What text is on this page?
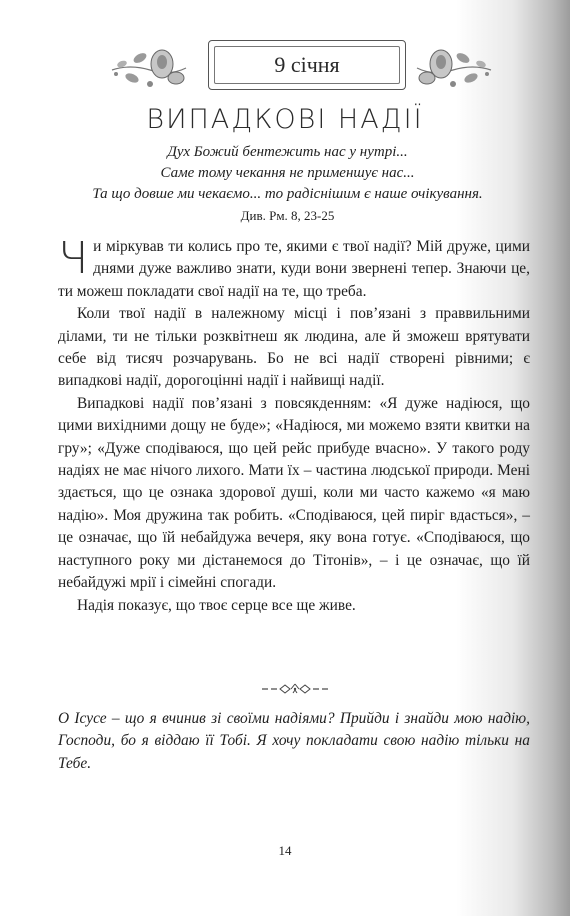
9 січня
ВИПАДКОВІ НАДІЇ
Дух Божий бентежить нас у нутрі...
Саме тому чекання не применшує нас...
Та що довше ми чекаємо... то радіснішим є наше очікування.
Див. Рм. 8, 23-25

Чи міркував ти колись про те, якими є твої надії? Мій друже, цими днями дуже важливо знати, куди вони звернені тепер. Знаючи це, ти можеш покладати свої надії на те, що треба.

Коли твої надії в належному місці і пов’язані з праввильними ділами, ти не тільки розквітнеш як людина, але й зможеш врятувати себе від тисяч розчарувань. Бо не всі надії створені рівними; є випадкові надії, дорогоцінні надії і найвищі надії.

Випадкові надії пов’язані з повсякденням: «Я дуже надіюся, що цими вихідними дощу не буде»; «Надіюся, ми можемо взяти квитки на гру»; «Дуже сподіваюся, що цей рейс прибуде вчасно». У такого роду надіях не має нічого лихого. Мати їх – частина людської природи. Мені здається, що це ознака здорової душі, коли ми часто кажемо «я маю надію». Моя дружина так робить. «Сподіваюся, цей пиріг вдасться», – це означає, що їй небайдужа вечеря, яку вона готує. «Сподіваюся, що наступного року ми дістанемося до Тітонів», – і це означає, що їй небайдужі мрії і сімейні спогади.

Надія показує, що твоє серце все ще живе.

О Ісусе – що я вчинив зі своїми надіями? Прийди і знайди мою надію, Господи, бо я віддаю її Тобі. Я хочу покладати свою надію тільки на Тебе.
14
